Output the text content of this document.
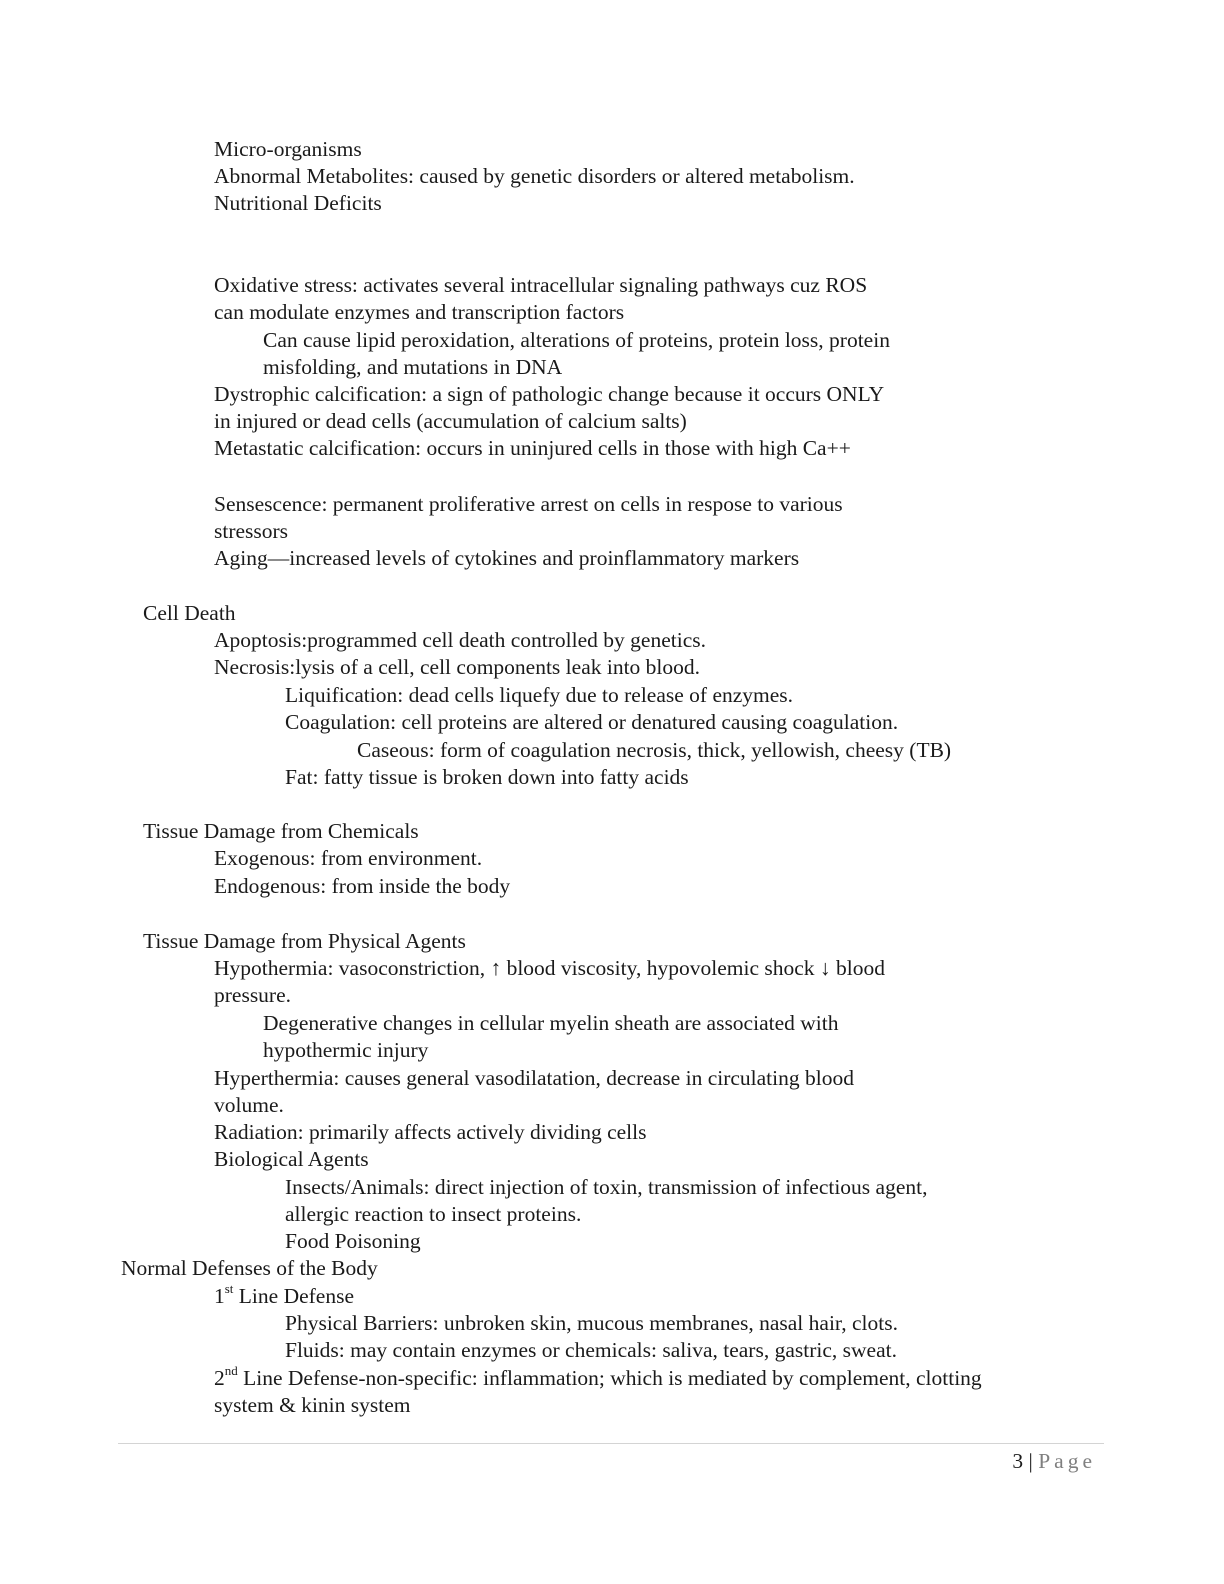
Micro-organisms
Abnormal Metabolites: caused by genetic disorders or altered metabolism.
Nutritional Deficits
Oxidative stress: activates several intracellular signaling pathways cuz ROS
can modulate enzymes and transcription factors
Can cause lipid peroxidation, alterations of proteins, protein loss, protein
misfolding, and mutations in DNA
Dystrophic calcification: a sign of pathologic change because it occurs ONLY
in injured or dead cells (accumulation of calcium salts)
Metastatic calcification: occurs in uninjured cells in those with high Ca++
Sensescence: permanent proliferative arrest on cells in respose to various
stressors
Aging—increased levels of cytokines and proinflammatory markers
Cell Death
Apoptosis:programmed cell death controlled by genetics.
Necrosis:lysis of a cell, cell components leak into blood.
Liquification: dead cells liquefy due to release of enzymes.
Coagulation: cell proteins are altered or denatured causing coagulation.
Caseous: form of coagulation necrosis, thick, yellowish, cheesy (TB)
Fat: fatty tissue is broken down into fatty acids
Tissue Damage from Chemicals
Exogenous: from environment.
Endogenous: from inside the body
Tissue Damage from Physical Agents
Hypothermia: vasoconstriction, ↑ blood viscosity, hypovolemic shock ↓ blood
pressure.
Degenerative changes in cellular myelin sheath are associated with
hypothermic injury
Hyperthermia: causes general vasodilatation, decrease in circulating blood
volume.
Radiation: primarily affects actively dividing cells
Biological Agents
Insects/Animals: direct injection of toxin, transmission of infectious agent,
allergic reaction to insect proteins.
Food Poisoning
Normal Defenses of the Body
1st Line Defense
Physical Barriers: unbroken skin, mucous membranes, nasal hair, clots.
Fluids: may contain enzymes or chemicals: saliva, tears, gastric, sweat.
2nd Line Defense-non-specific: inflammation; which is mediated by complement, clotting
system & kinin system
3 | Page
